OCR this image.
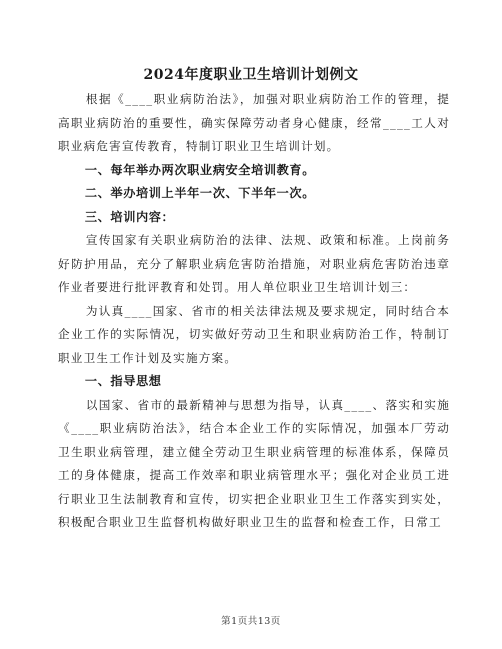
2024年度职业卫生培训计划例文

根据《____职业病防治法》，加强对职业病防治工作的管理，提高职业病防治的重要性，确实保障劳动者身心健康，经常____工人对职业病危害宣传教育，特制订职业卫生培训计划。

一、每年举办两次职业病安全培训教育。

二、举办培训上半年一次、下半年一次。

三、培训内容：

宣传国家有关职业病防治的法律、法规、政策和标准。上岗前务好防护用品，充分了解职业病危害防治措施，对职业病危害防治违章作业者要进行批评教育和处罚。用人单位职业卫生培训计划三：

为认真____国家、省市的相关法律法规及要求规定，同时结合本企业工作的实际情况，切实做好劳动卫生和职业病防治工作，特制订职业卫生工作计划及实施方案。

一、指导思想

以国家、省市的最新精神与思想为指导，认真____、落实和实施《____职业病防治法》，结合本企业工作的实际情况，加强本厂劳动卫生职业病管理，建立健全劳动卫生职业病管理的标准体系，保障员工的身体健康，提高工作效率和职业病管理水平；强化对企业员工进行职业卫生法制教育和宣传，切实把企业职业卫生工作落实到实处，积极配合职业卫生监督机构做好职业卫生的监督和检查工作，日常工

第1页共13页
